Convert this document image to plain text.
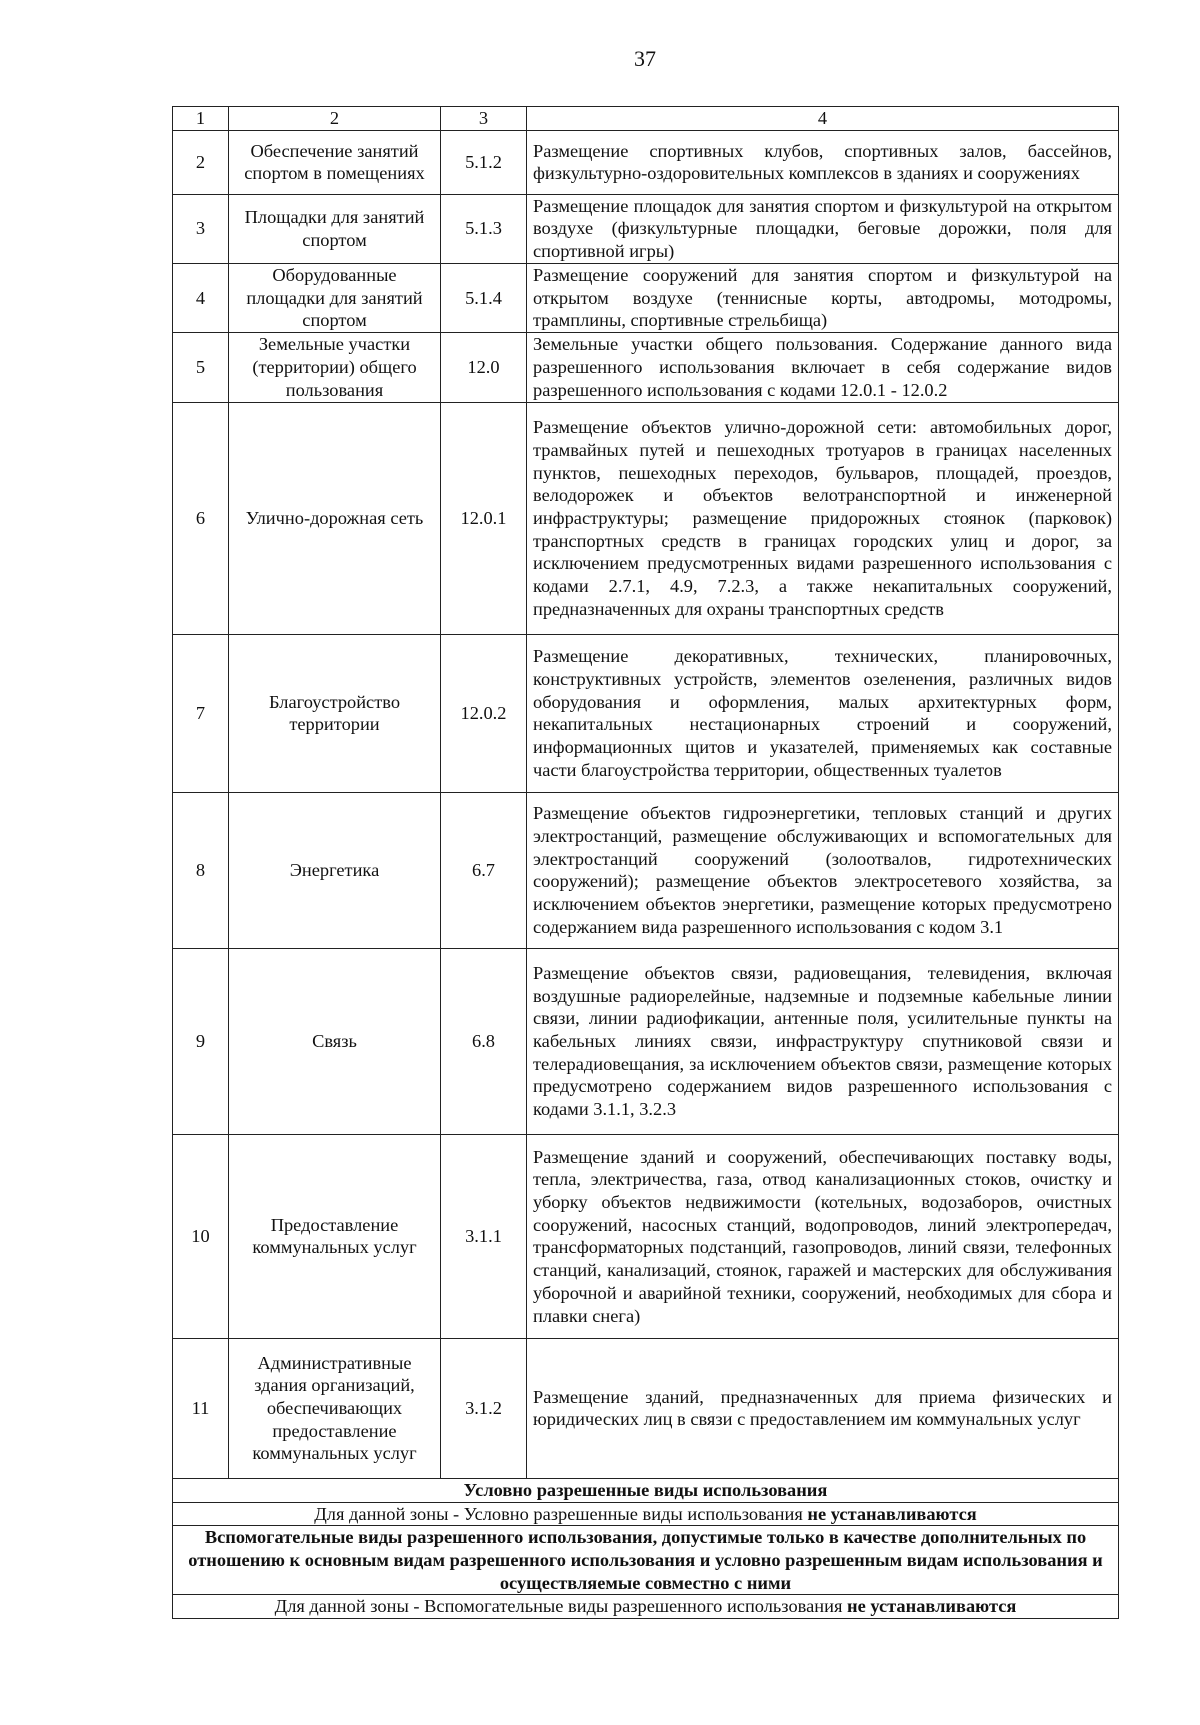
37
1	2	3	4
2	Обеспечение занятий спортом в помещениях	5.1.2	Размещение спортивных клубов, спортивных залов, бассейнов, физкультурно-оздоровительных комплексов в зданиях и сооружениях
3	Площадки для занятий спортом	5.1.3	Размещение площадок для занятия спортом и физкультурой на открытом воздухе (физкультурные площадки, беговые дорожки, поля для спортивной игры)
4	Оборудованные площадки для занятий спортом	5.1.4	Размещение сооружений для занятия спортом и физкультурой на открытом воздухе (теннисные корты, автодромы, мотодромы, трамплины, спортивные стрельбища)
5	Земельные участки (территории) общего пользования	12.0	Земельные участки общего пользования. Содержание данного вида разрешенного использования включает в себя содержание видов разрешенного использования с кодами 12.0.1 - 12.0.2
6	Улично-дорожная сеть	12.0.1	Размещение объектов улично-дорожной сети: автомобильных дорог, трамвайных путей и пешеходных тротуаров в границах населенных пунктов, пешеходных переходов, бульваров, площадей, проездов, велодорожек и объектов велотранспортной и инженерной инфраструктуры; размещение придорожных стоянок (парковок) транспортных средств в границах городских улиц и дорог, за исключением предусмотренных видами разрешенного использования с кодами 2.7.1, 4.9, 7.2.3, а также некапитальных сооружений, предназначенных для охраны транспортных средств
7	Благоустройство территории	12.0.2	Размещение декоративных, технических, планировочных, конструктивных устройств, элементов озеленения, различных видов оборудования и оформления, малых архитектурных форм, некапитальных нестационарных строений и сооружений, информационных щитов и указателей, применяемых как составные части благоустройства территории, общественных туалетов
8	Энергетика	6.7	Размещение объектов гидроэнергетики, тепловых станций и других электростанций, размещение обслуживающих и вспомогательных для электростанций сооружений (золоотвалов, гидротехнических сооружений); размещение объектов электросетевого хозяйства, за исключением объектов энергетики, размещение которых предусмотрено содержанием вида разрешенного использования с кодом 3.1
9	Связь	6.8	Размещение объектов связи, радиовещания, телевидения, включая воздушные радиорелейные, надземные и подземные кабельные линии связи, линии радиофикации, антенные поля, усилительные пункты на кабельных линиях связи, инфраструктуру спутниковой связи и телерадиовещания, за исключением объектов связи, размещение которых предусмотрено содержанием видов разрешенного использования с кодами 3.1.1, 3.2.3
10	Предоставление коммунальных услуг	3.1.1	Размещение зданий и сооружений, обеспечивающих поставку воды, тепла, электричества, газа, отвод канализационных стоков, очистку и уборку объектов недвижимости (котельных, водозаборов, очистных сооружений, насосных станций, водопроводов, линий электропередач, трансформаторных подстанций, газопроводов, линий связи, телефонных станций, канализаций, стоянок, гаражей и мастерских для обслуживания уборочной и аварийной техники, сооружений, необходимых для сбора и плавки снега)
11	Административные здания организаций, обеспечивающих предоставление коммунальных услуг	3.1.2	Размещение зданий, предназначенных для приема физических и юридических лиц в связи с предоставлением им коммунальных услуг
Условно разрешенные виды использования			
Для данной зоны - Условно разрешенные виды использования не устанавливаются			
Вспомогательные виды разрешенного использования, допустимые только в качестве дополнительных по отношению к основным видам разрешенного использования и условно разрешенным видам использования и осуществляемые совместно с ними			
Для данной зоны - Вспомогательные виды разрешенного использования не устанавливаются			
